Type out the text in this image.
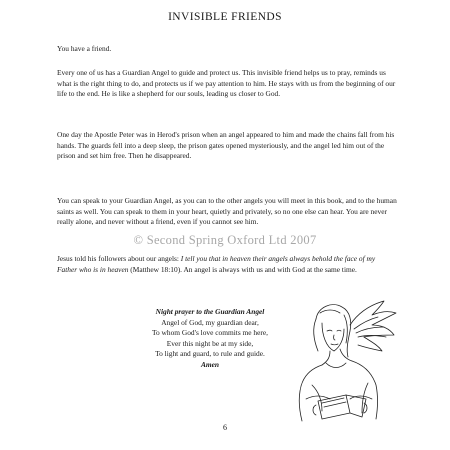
INVISIBLE FRIENDS

You have a friend.

Every one of us has a Guardian Angel to guide and protect us. This invisible friend helps us to pray, reminds us what is the right thing to do, and protects us if we pay attention to him. He stays with us from the beginning of our life to the end. He is like a shepherd for our souls, leading us closer to God.

One day the Apostle Peter was in Herod's prison when an angel appeared to him and made the chains fall from his hands. The guards fell into a deep sleep, the prison gates opened mysteriously, and the angel led him out of the prison and set him free. Then he disappeared.

You can speak to your Guardian Angel, as you can to the other angels you will meet in this book, and to the human saints as well. You can speak to them in your heart, quietly and privately, so no one else can hear. You are never really alone, and never without a friend, even if you cannot see him.

Jesus told his followers about our angels: I tell you that in heaven their angels always behold the face of my Father who is in heaven (Matthew 18:10). An angel is always with us and with God at the same time.

© Second Spring Oxford Ltd 2007
Night prayer to the Guardian Angel
Angel of God, my guardian dear,
To whom God's love commits me here,
Ever this night be at my side,
To light and guard, to rule and guide.
Amen
6
